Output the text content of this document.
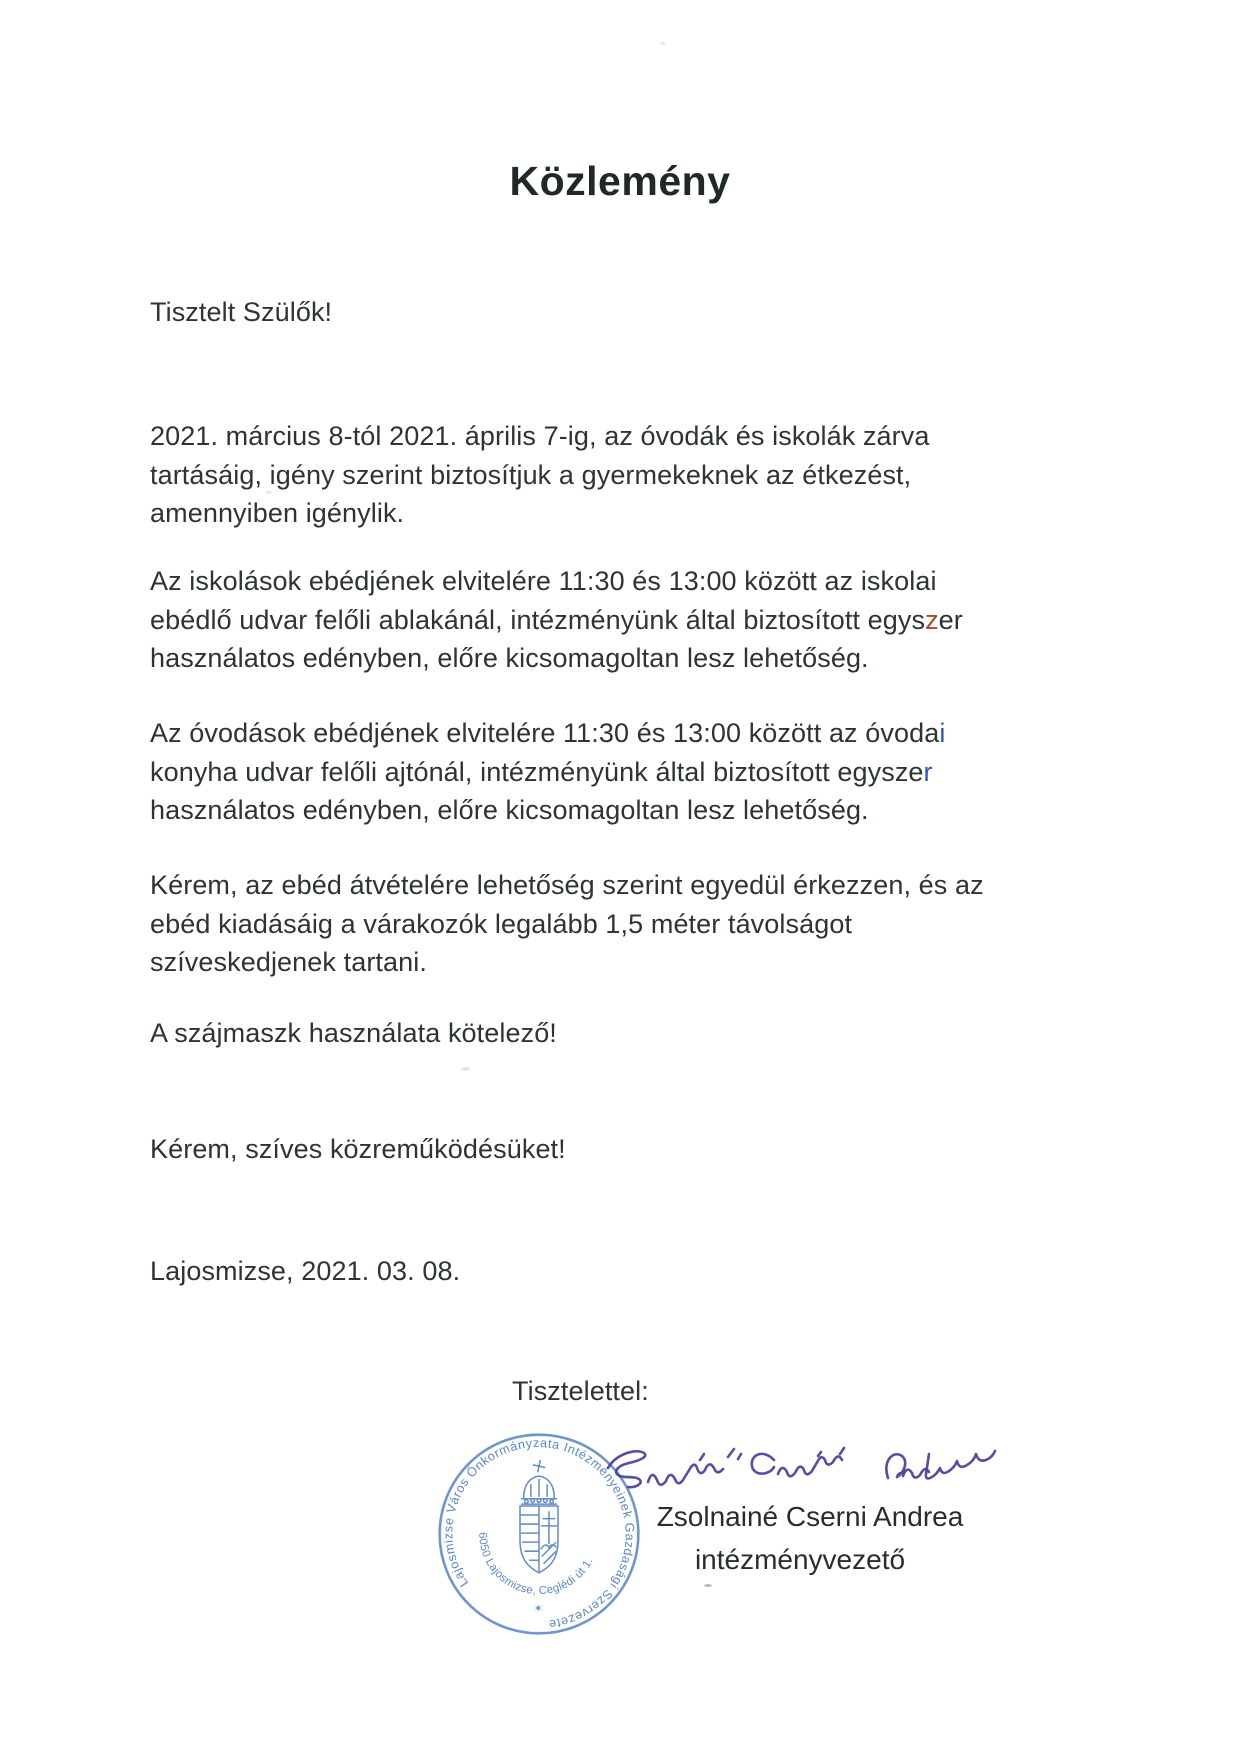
Közlemény
Tisztelt Szülők!
2021. március 8-tól 2021. április 7-ig, az óvodák és iskolák zárva
tartásáig, igény szerint biztosítjuk a gyermekeknek az étkezést,
amennyiben igénylik.
Az iskolások ebédjének elvitelére 11:30 és 13:00 között az iskolai
ebédlő udvar felőli ablakánál, intézményünk által biztosított egyszer
használatos edényben, előre kicsomagoltan lesz lehetőség.
Az óvodások ebédjének elvitelére 11:30 és 13:00 között az óvodai
konyha udvar felőli ajtónál, intézményünk által biztosított egyszer
használatos edényben, előre kicsomagoltan lesz lehetőség.
Kérem, az ebéd átvételére lehetőség szerint egyedül érkezzen, és az
ebéd kiadásáig a várakozók legalább 1,5 méter távolságot
szíveskedjenek tartani.
A szájmaszk használata kötelező!
Kérem, szíves közreműködésüket!
Lajosmizse, 2021. 03. 08.
Tisztelettel:
Lajosmizse Város Önkormányzata Intézményeinek Gazdasági Szervezete
6050 Lajosmizse, Ceglédi út 1.
✶
Zsolnainé Cserni Andrea
intézményvezető
